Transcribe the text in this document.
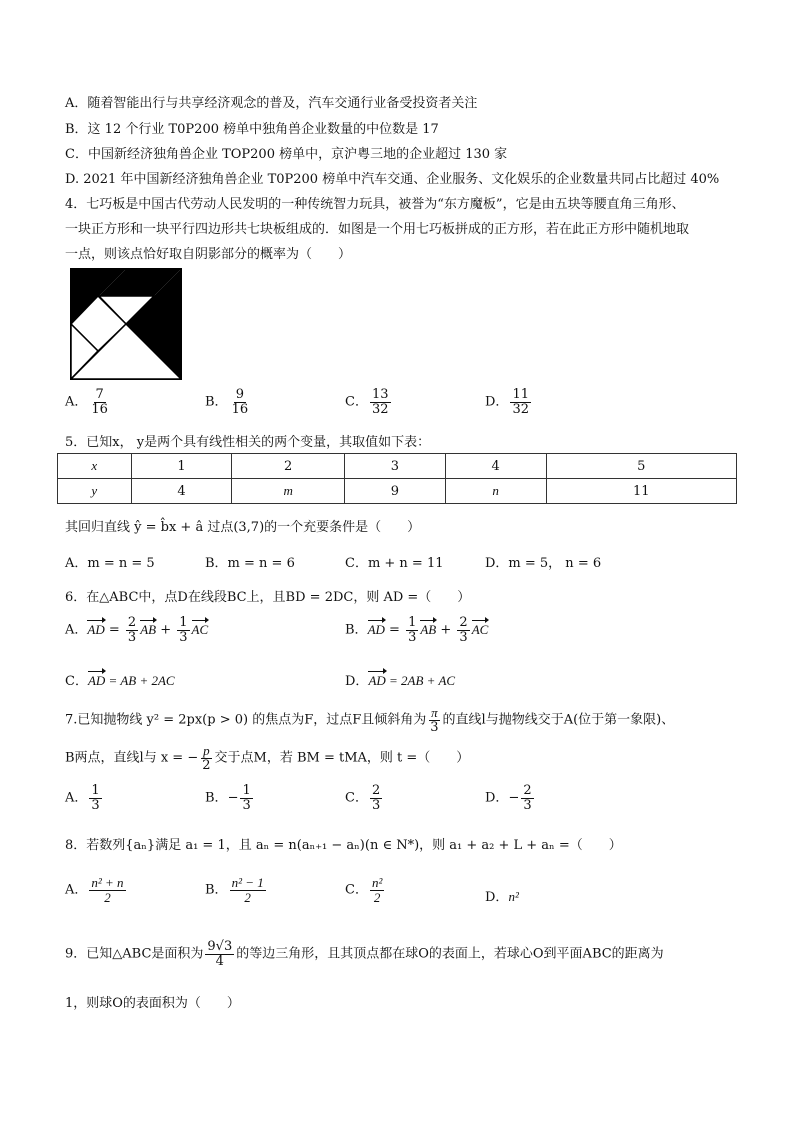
A．随着智能出行与共享经济观念的普及，汽车交通行业备受投资者关注
B．这 12 个行业 T0P200 榜单中独角兽企业数量的中位数是 17
C．中国新经济独角兽企业 TOP200 榜单中，京沪粤三地的企业超过 130 家
D. 2021 年中国新经济独角兽企业 T0P200 榜单中汽车交通、企业服务、文化娱乐的企业数量共同占比超过 40%
4．七巧板是中国古代劳动人民发明的一种传统智力玩具，被誉为“东方魔板”，它是由五块等腰直角三角形、
一块正方形和一块平行四边形共七块板组成的．如图是一个用七巧板拼成的正方形，若在此正方形中随机地取
一点，则该点恰好取自阴影部分的概率为（　　）
A． $\frac{7}{16}$	B． $\frac{9}{16}$	C． $\frac{13}{32}$	D． $\frac{11}{32}$
5．已知x， y是两个具有线性相关的两个变量，其取值如下表：
x	1	2	3	4	5
y	4	m	9	n	11
其回归直线 ŷ = b̂x + â 过点(3,7)的一个充要条件是（　　）
A．m = n = 5	B．m = n = 6	C．m + n = 11	D．m = 5， n = 6
6．在△ABC中，点D在线段BC上，且BD = 2DC，则 AD =（　　）
A．AD = $\frac{2}{3}$ AB + $\frac{1}{3}$ AC	B．AD = $\frac{1}{3}$ AB + $\frac{2}{3}$ AC
C．AD = AB + 2AC	D．AD = 2AB + AC
7.已知抛物线 y² = 2px(p > 0) 的焦点为F，过点F且倾斜角为 $\frac{\pi}{3}$ 的直线l与抛物线交于A(位于第一象限)、
B两点，直线l与 x = − $\frac{p}{2}$ 交于点M，若 BM = tMA，则 t =（　　）
A． $\frac{1}{3}$	B．− $\frac{1}{3}$	C． $\frac{2}{3}$	D．− $\frac{2}{3}$
8．若数列{aₙ}满足 a₁ = 1，且 aₙ = n(aₙ₊₁ − aₙ)(n ∈ N*)，则 a₁ + a₂ + L + aₙ =（　　）
A． $\frac{\text{n² + n}}{2}$	B． $\frac{\text{n² − 1}}{2}$	C． $\frac{\text{n²}}{2}$	D．n²
9．已知△ABC是面积为 $\frac{9√3}{4}$ 的等边三角形，且其顶点都在球O的表面上，若球心O到平面ABC的距离为
1，则球O的表面积为（　　）
